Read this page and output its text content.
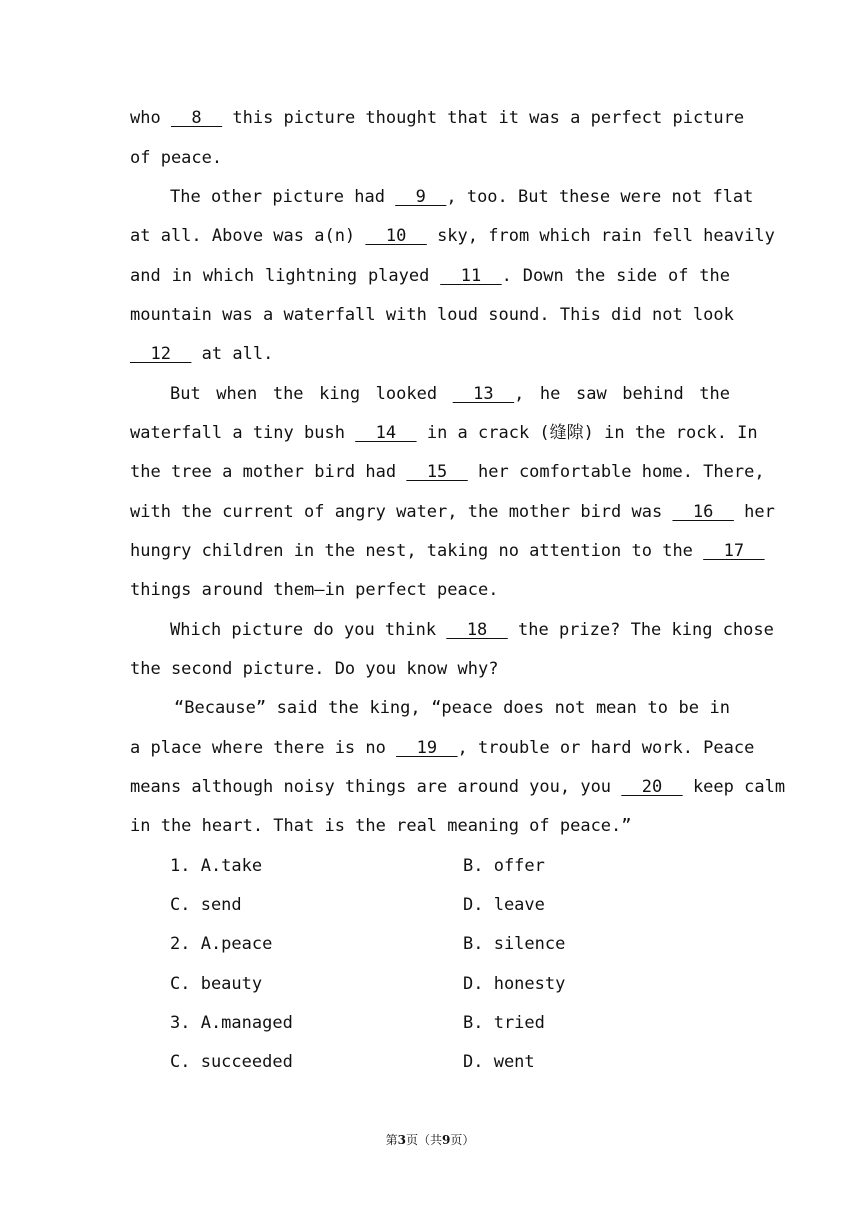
who   8   this picture thought that it was a perfect picture
of peace.
The other picture had   9  , too. But these were not flat
at all. Above was a(n)   10   sky, from which rain fell heavily
and in which lightning played   11  . Down the side of the
mountain was a waterfall with loud sound. This did not look
12   at all.
But when the king looked   13  , he saw behind the
waterfall a tiny bush   14   in a crack (缝隙) in the rock. In
the tree a mother bird had   15   her comfortable home. There,
with the current of angry water, the mother bird was   16   her
hungry children in the nest, taking no attention to the   17
things around them—in perfect peace.
Which picture do you think   18   the prize? The king chose
the second picture. Do you know why?
“Because” said the king, “peace does not mean to be in
a place where there is no   19  , trouble or hard work. Peace
means although noisy things are around you, you   20   keep calm
in the heart. That is the real meaning of peace.”
1. A.take	B. offer
C. send	D. leave
2. A.peace	B. silence
C. beauty	D. honesty
3. A.managed	B. tried
C. succeeded	D. went
第3页（共9页）
